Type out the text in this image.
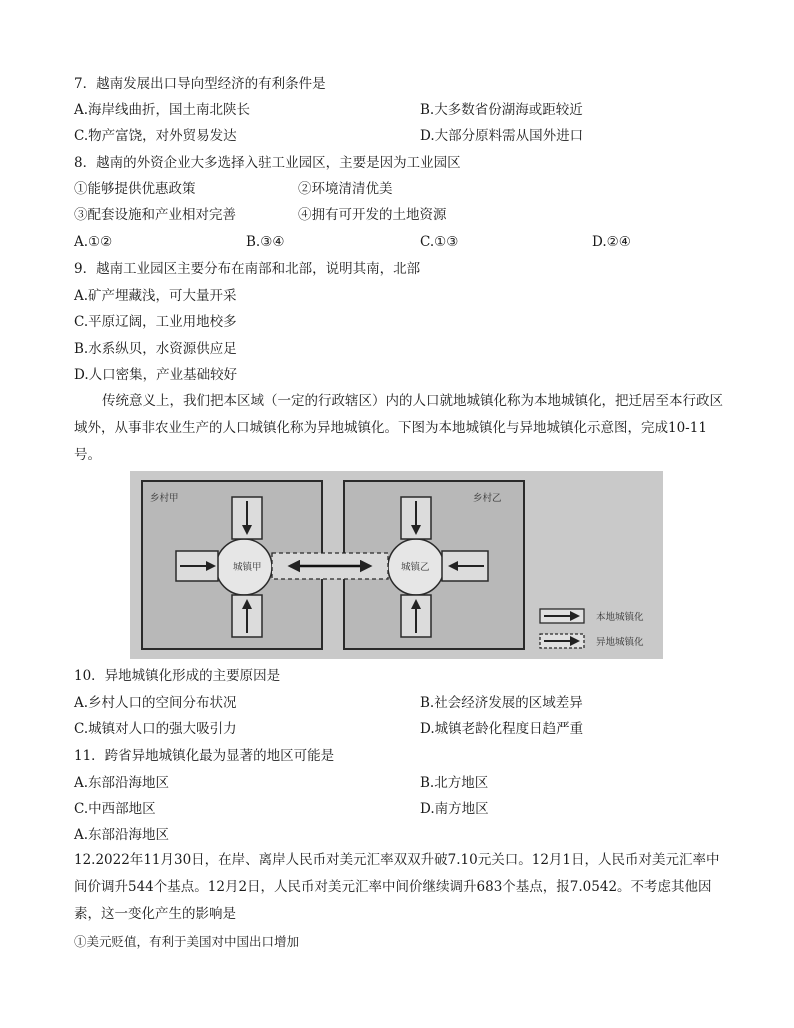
7．越南发展出口导向型经济的有利条件是
A.海岸线曲折，国土南北陕长	B.大多数省份湖海或距较近
C.物产富饶，对外贸易发达	D.大部分原料需从国外进口
8．越南的外资企业大多选择入驻工业园区，主要是因为工业园区
①能够提供优惠政策	②环境清清优美
③配套设施和产业相对完善	④拥有可开发的土地资源
A.①②	B.③④	C.①③	D.②④
9．越南工业园区主要分布在南部和北部，说明其南，北部
A.矿产埋藏浅，可大量开采
C.平原辽阔，工业用地校多
B.水系纵贝，水资源供应足
D.人口密集，产业基础较好
传统意义上，我们把本区域（一定的行政辖区）内的人口就地城镇化称为本地城镇化，把迁居至本行政区域外，从事非农业生产的人口城镇化称为异地城镇化。下图为本地城镇化与异地城镇化示意图，完成10-11号。
乡村甲	乡村乙
城镇甲	城镇乙
本地城镇化
异地城镇化
10．异地城镇化形成的主要原因是
A.乡村人口的空间分布状况	B.社会经济发展的区域差异
C.城镇对人口的强大吸引力	D.城镇老龄化程度日趋严重
11．跨省异地城镇化最为显著的地区可能是
A.东部沿海地区	B.北方地区
C.中西部地区	D.南方地区
A.东部沿海地区
12.2022年11月30日，在岸、离岸人民币对美元汇率双双升破7.10元关口。12月1日，人民币对美元汇率中间价调升544个基点。12月2日，人民币对美元汇率中间价继续调升683个基点，报7.0542。不考虑其他因素，这一变化产生的影响是
①美元贬值，有利于美国对中国出口增加
